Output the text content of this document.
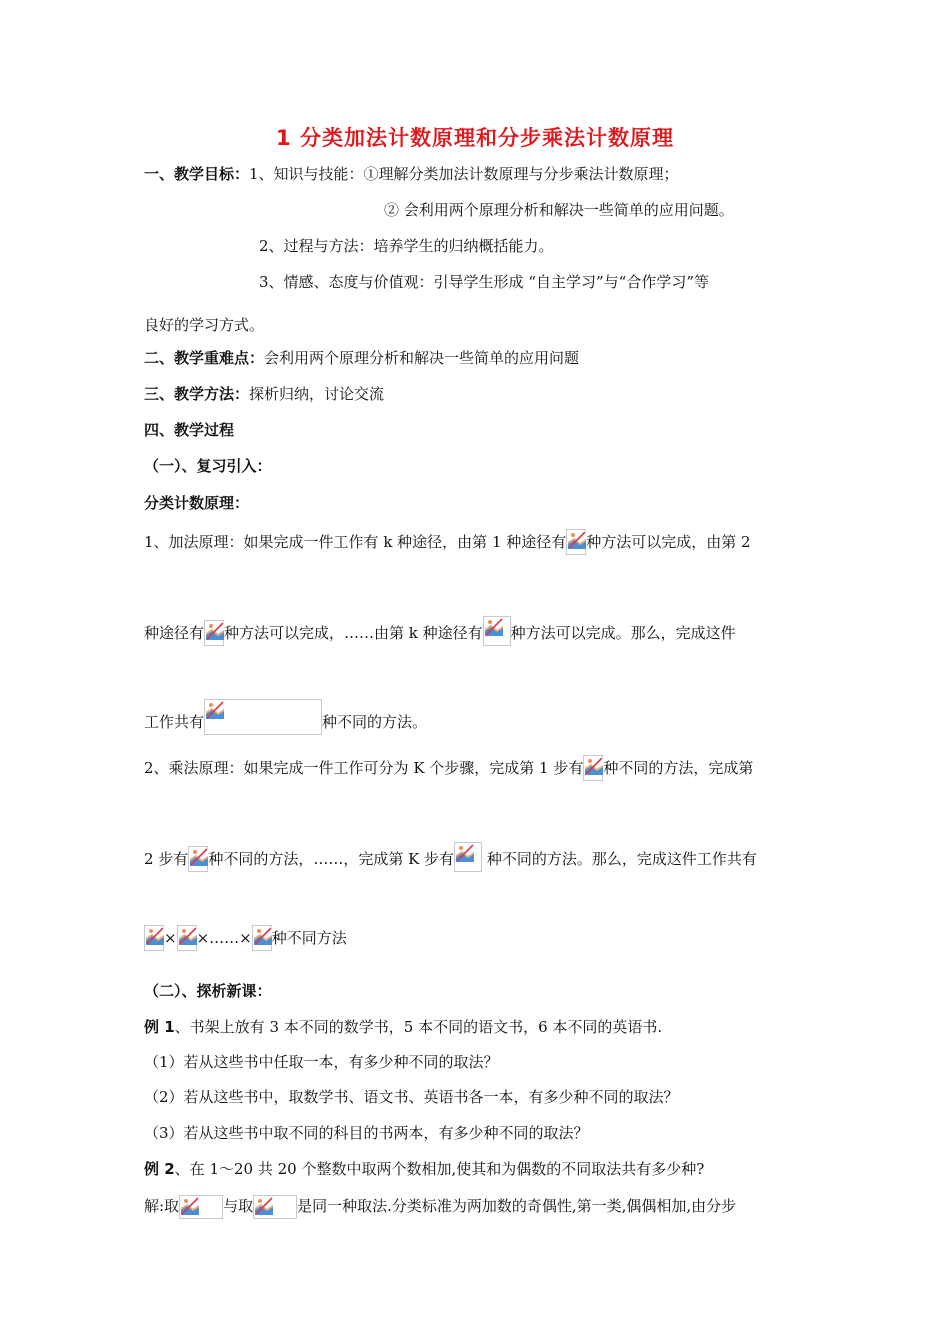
1 分类加法计数原理和分步乘法计数原理
一、教学目标：1、知识与技能：①理解分类加法计数原理与分步乘法计数原理；
② 会利用两个原理分析和解决一些简单的应用问题。
2、过程与方法：培养学生的归纳概括能力。
3、情感、态度与价值观：引导学生形成 “自主学习”与“合作学习”等
良好的学习方式。
二、教学重难点：会利用两个原理分析和解决一些简单的应用问题
三、教学方法：探析归纳，讨论交流
四、教学过程
（一）、复习引入：
分类计数原理：
1、加法原理：如果完成一件工作有 k 种途径，由第 1 种途径有 种方法可以完成，由第 2
种途径有 种方法可以完成，……由第 k 种途径有 种方法可以完成。那么，完成这件
工作共有	种不同的方法。
2、乘法原理：如果完成一件工作可分为 K 个步骤，完成第 1 步有 种不同的方法，完成第
2 步有 种不同的方法，……，完成第 K 步有
种不同的方法。那么，完成这件工作共有
× ×……× 种不同方法
（二）、探析新课：
例 1、书架上放有 3 本不同的数学书，5 本不同的语文书，6 本不同的英语书.
（1）若从这些书中任取一本，有多少种不同的取法？
（2）若从这些书中，取数学书、语文书、英语书各一本，有多少种不同的取法？
（3）若从这些书中取不同的科目的书两本，有多少种不同的取法？
例 2、在 1～20 共 20 个整数中取两个数相加,使其和为偶数的不同取法共有多少种?
解:取	与取	是同一种取法.分类标准为两加数的奇偶性,第一类,偶偶相加,由分步
